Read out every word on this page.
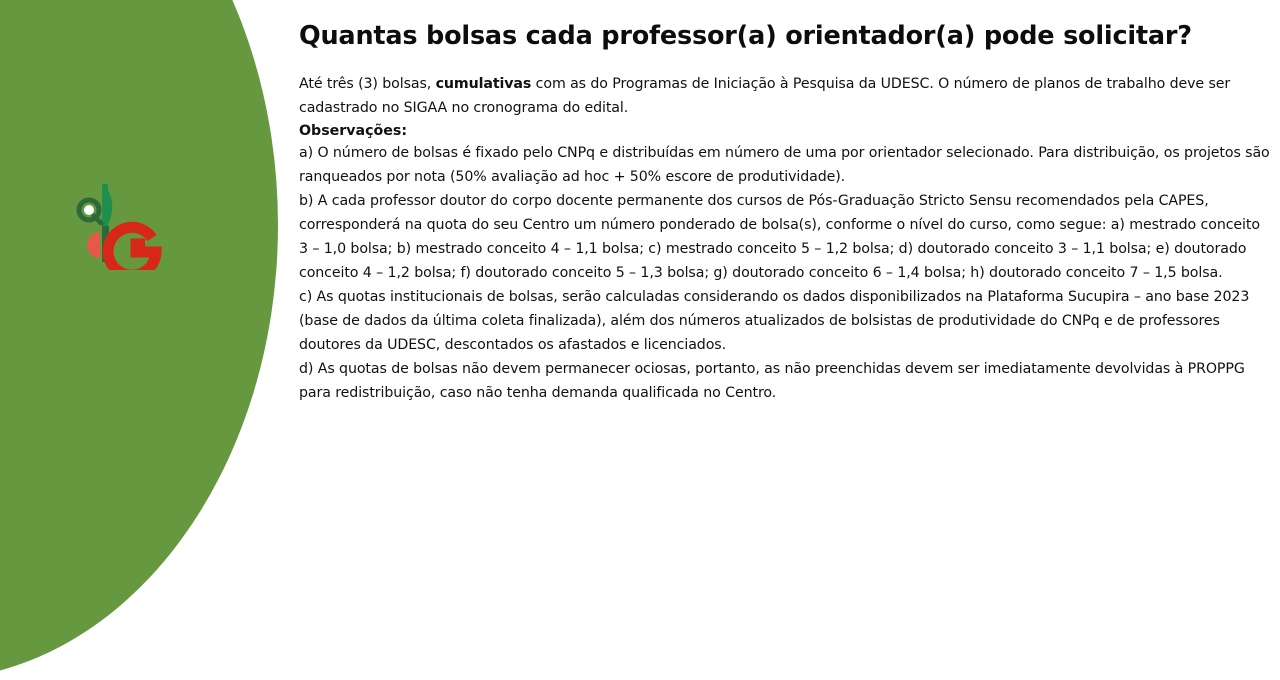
Quantas bolsas cada professor(a) orientador(a) pode solicitar?

Até três (3) bolsas, cumulativas com as do Programas de Iniciação à Pesquisa da UDESC. O número de planos de trabalho deve ser cadastrado no SIGAA no cronograma do edital.

Observações:

a) O número de bolsas é fixado pelo CNPq e distribuídas em número de uma por orientador selecionado. Para distribuição, os projetos são ranqueados por nota (50% avaliação ad hoc + 50% escore de produtividade).

b) A cada professor doutor do corpo docente permanente dos cursos de Pós-Graduação Stricto Sensu recomendados pela CAPES, corresponderá na quota do seu Centro um número ponderado de bolsa(s), conforme o nível do curso, como segue: a) mestrado conceito 3 – 1,0 bolsa; b) mestrado conceito 4 – 1,1 bolsa; c) mestrado conceito 5 – 1,2 bolsa; d) doutorado conceito 3 – 1,1 bolsa; e) doutorado conceito 4 – 1,2 bolsa; f) doutorado conceito 5 – 1,3 bolsa; g) doutorado conceito 6 – 1,4 bolsa; h) doutorado conceito 7 – 1,5 bolsa.

c) As quotas institucionais de bolsas, serão calculadas considerando os dados disponibilizados na Plataforma Sucupira – ano base 2023 (base de dados da última coleta finalizada), além dos números atualizados de bolsistas de produtividade do CNPq e de professores doutores da UDESC, descontados os afastados e licenciados.

d) As quotas de bolsas não devem permanecer ociosas, portanto, as não preenchidas devem ser imediatamente devolvidas à PROPPG para redistribuição, caso não tenha demanda qualificada no Centro.
